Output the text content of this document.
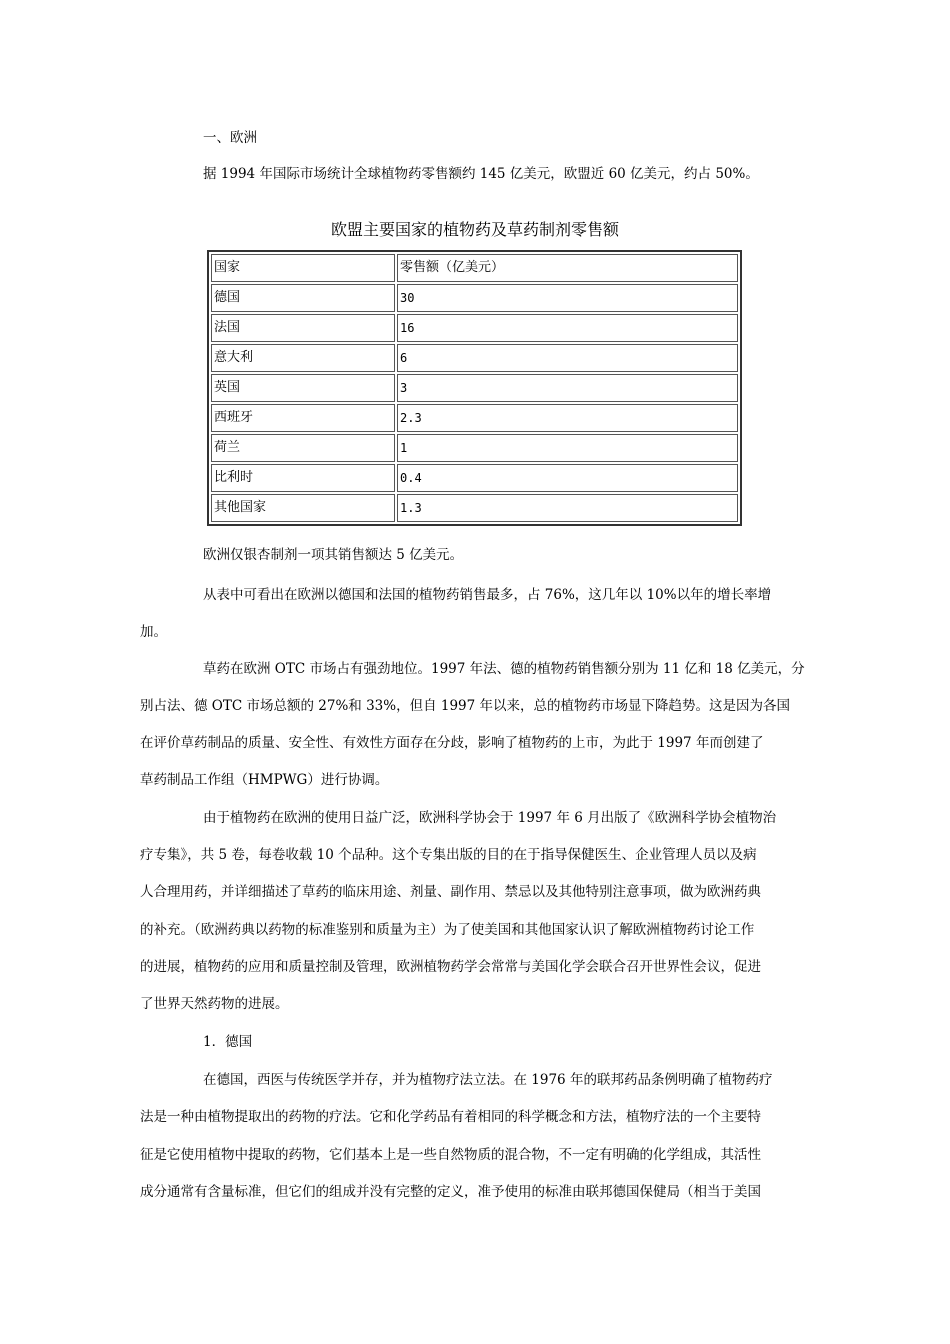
一、欧洲
据 1994 年国际市场统计全球植物药零售额约 145 亿美元，欧盟近 60 亿美元，约占 50%。
欧盟主要国家的植物药及草药制剂零售额
国家	零售额（亿美元）
德国	30
法国	16
意大利	6
英国	3
西班牙	2.3
荷兰	1
比利时	0.4
其他国家	1.3
欧洲仅银杏制剂一项其销售额达 5 亿美元。
从表中可看出在欧洲以德国和法国的植物药销售最多，占 76%，这几年以 10%以年的增长率增
加。
草药在欧洲 OTC 市场占有强劲地位。1997 年法、德的植物药销售额分别为 11 亿和 18 亿美元，分
别占法、德 OTC 市场总额的 27%和 33%，但自 1997 年以来，总的植物药市场显下降趋势。这是因为各国
在评价草药制品的质量、安全性、有效性方面存在分歧，影响了植物药的上市，为此于 1997 年而创建了
草药制品工作组（HMPWG）进行协调。
由于植物药在欧洲的使用日益广泛，欧洲科学协会于 1997 年 6 月出版了《欧洲科学协会植物治
疗专集》，共 5 卷，每卷收载 10 个品种。这个专集出版的目的在于指导保健医生、企业管理人员以及病
人合理用药，并详细描述了草药的临床用途、剂量、副作用、禁忌以及其他特别注意事项，做为欧洲药典
的补充。（欧洲药典以药物的标准鉴别和质量为主）为了使美国和其他国家认识了解欧洲植物药讨论工作
的进展，植物药的应用和质量控制及管理，欧洲植物药学会常常与美国化学会联合召开世界性会议，促进
了世界天然药物的进展。
1．德国
在德国，西医与传统医学并存，并为植物疗法立法。在 1976 年的联邦药品条例明确了植物药疗
法是一种由植物提取出的药物的疗法。它和化学药品有着相同的科学概念和方法，植物疗法的一个主要特
征是它使用植物中提取的药物，它们基本上是一些自然物质的混合物，不一定有明确的化学组成，其活性
成分通常有含量标准，但它们的组成并没有完整的定义，准予使用的标准由联邦德国保健局（相当于美国
